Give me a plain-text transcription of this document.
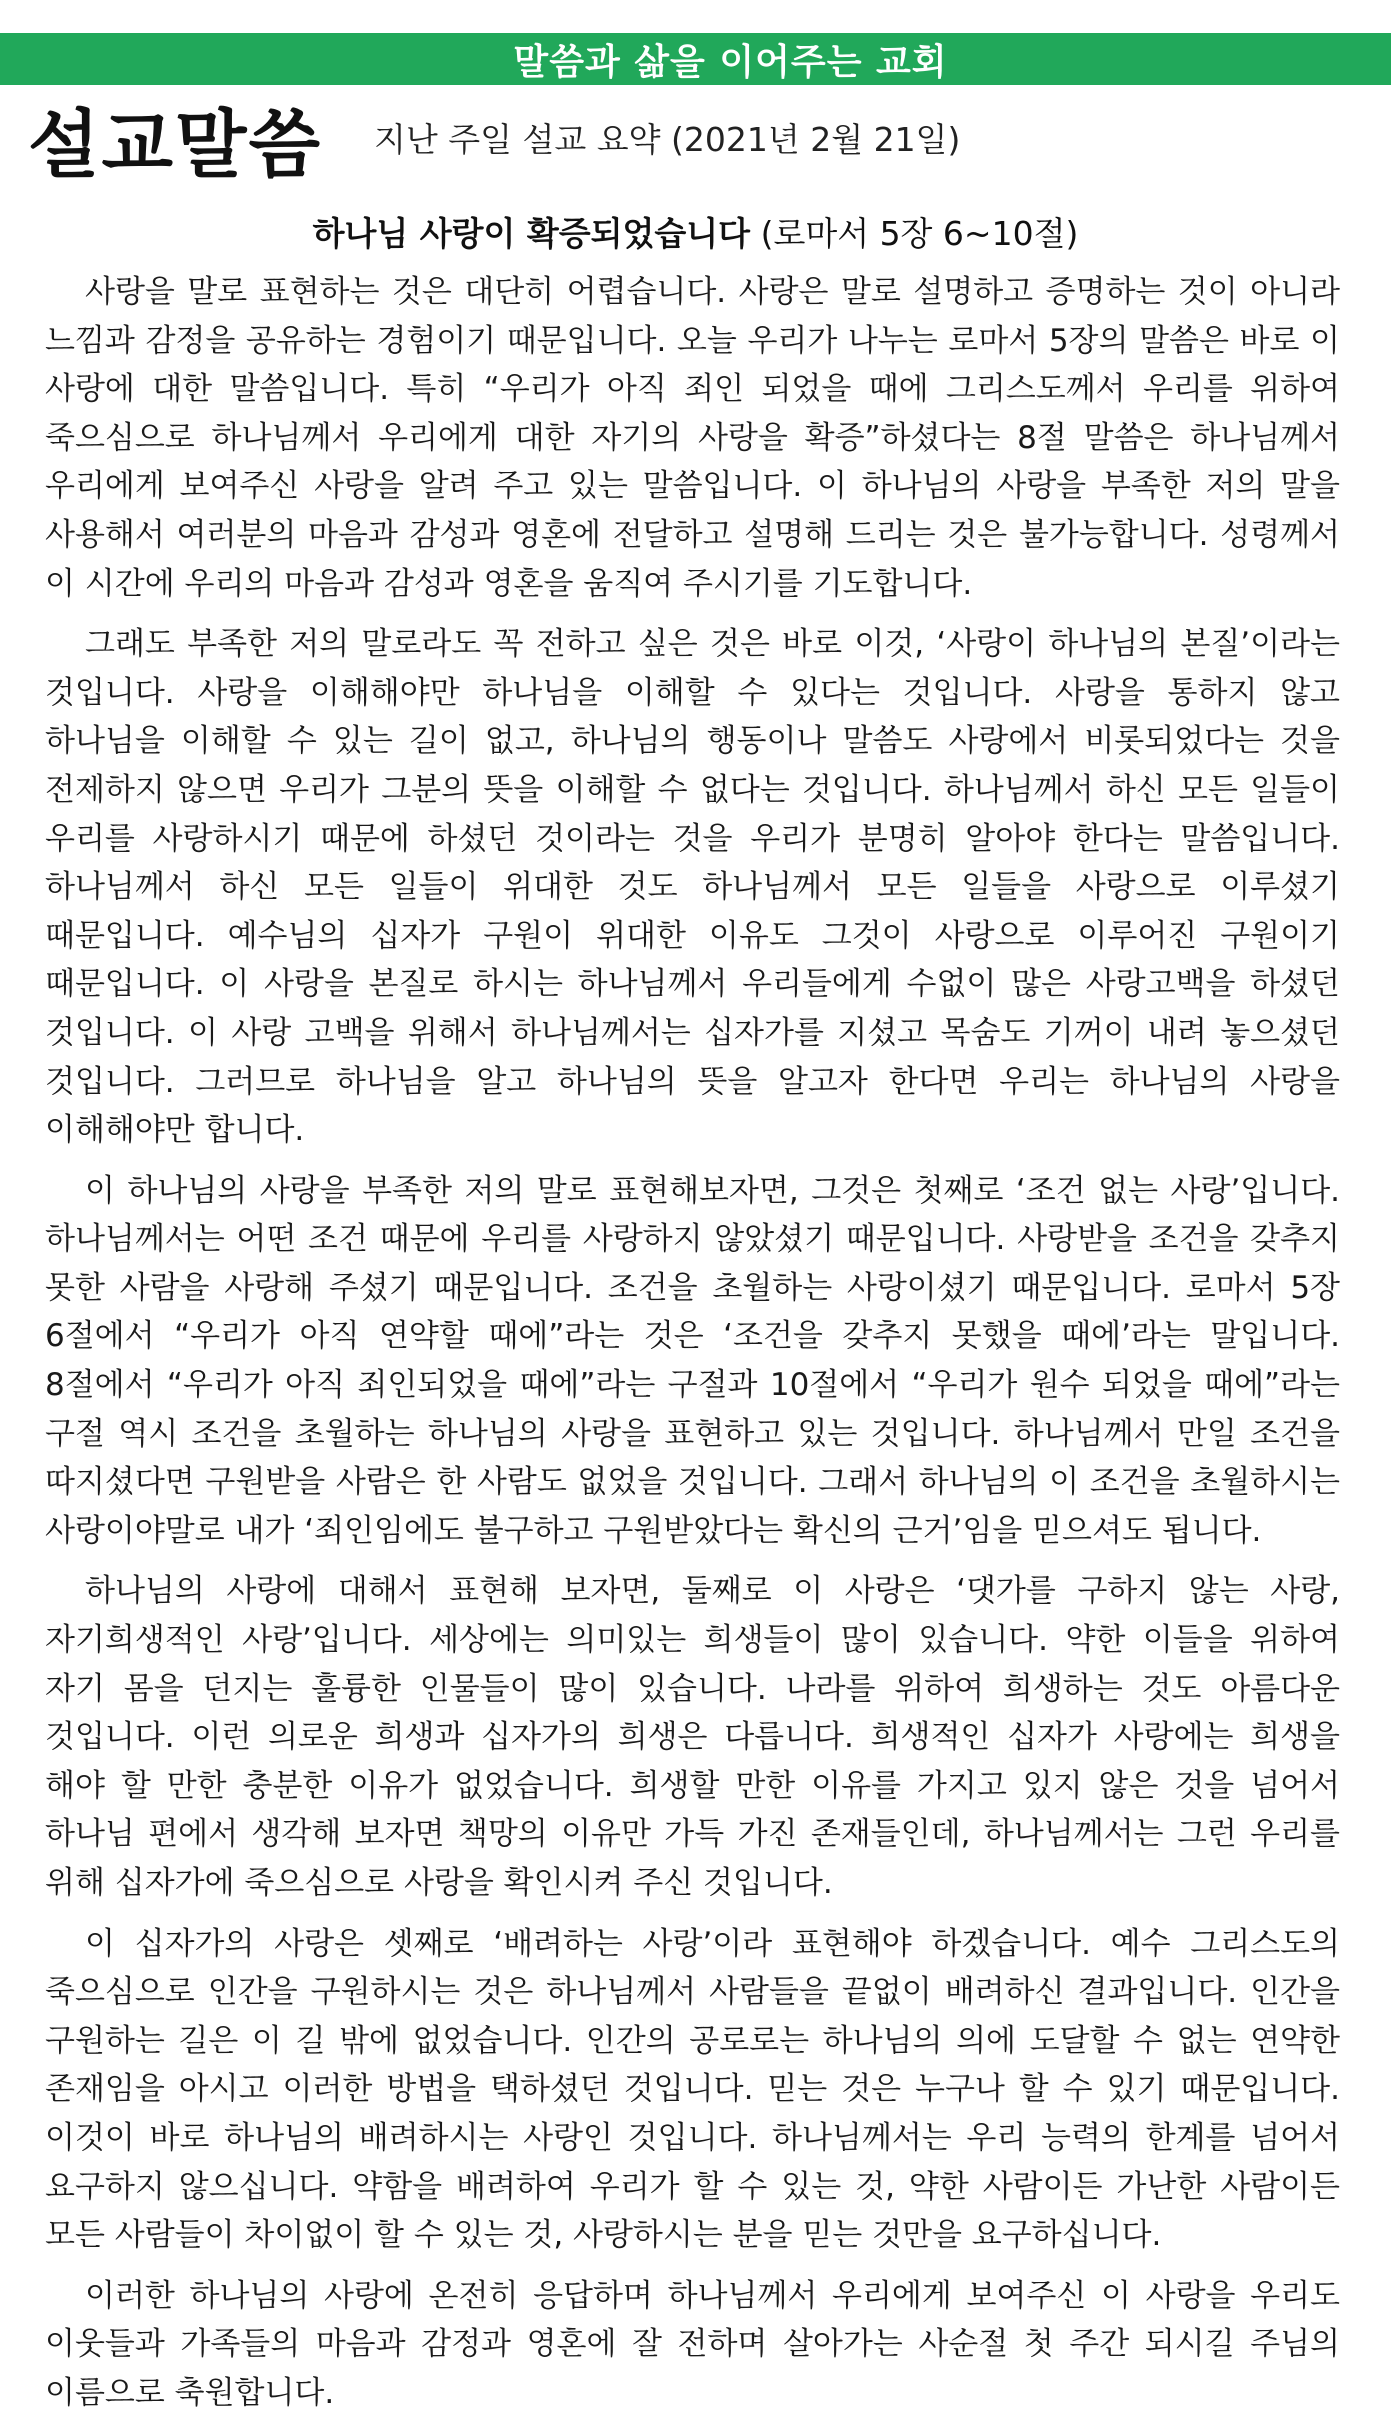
말씀과 삶을 이어주는 교회
설교말씀 지난 주일 설교 요약 (2021년 2월 21일)
하나님 사랑이 확증되었습니다 (로마서 5장 6~10절)

사랑을 말로 표현하는 것은 대단히 어렵습니다. 사랑은 말로 설명하고 증명하는 것이 아니라 느낌과 감정을 공유하는 경험이기 때문입니다. 오늘 우리가 나누는 로마서 5장의 말씀은 바로 이 사랑에 대한 말씀입니다. 특히 “우리가 아직 죄인 되었을 때에 그리스도께서 우리를 위하여 죽으심으로 하나님께서 우리에게 대한 자기의 사랑을 확증”하셨다는 8절 말씀은 하나님께서 우리에게 보여주신 사랑을 알려 주고 있는 말씀입니다. 이 하나님의 사랑을 부족한 저의 말을 사용해서 여러분의 마음과 감성과 영혼에 전달하고 설명해 드리는 것은 불가능합니다. 성령께서 이 시간에 우리의 마음과 감성과 영혼을 움직여 주시기를 기도합니다.

그래도 부족한 저의 말로라도 꼭 전하고 싶은 것은 바로 이것, ‘사랑이 하나님의 본질’이라는 것입니다. 사랑을 이해해야만 하나님을 이해할 수 있다는 것입니다. 사랑을 통하지 않고 하나님을 이해할 수 있는 길이 없고, 하나님의 행동이나 말씀도 사랑에서 비롯되었다는 것을 전제하지 않으면 우리가 그분의 뜻을 이해할 수 없다는 것입니다. 하나님께서 하신 모든 일들이 우리를 사랑하시기 때문에 하셨던 것이라는 것을 우리가 분명히 알아야 한다는 말씀입니다. 하나님께서 하신 모든 일들이 위대한 것도 하나님께서 모든 일들을 사랑으로 이루셨기 때문입니다. 예수님의 십자가 구원이 위대한 이유도 그것이 사랑으로 이루어진 구원이기 때문입니다. 이 사랑을 본질로 하시는 하나님께서 우리들에게 수없이 많은 사랑고백을 하셨던 것입니다. 이 사랑 고백을 위해서 하나님께서는 십자가를 지셨고 목숨도 기꺼이 내려 놓으셨던 것입니다. 그러므로 하나님을 알고 하나님의 뜻을 알고자 한다면 우리는 하나님의 사랑을 이해해야만 합니다.

이 하나님의 사랑을 부족한 저의 말로 표현해보자면, 그것은 첫째로 ‘조건 없는 사랑’입니다. 하나님께서는 어떤 조건 때문에 우리를 사랑하지 않았셨기 때문입니다. 사랑받을 조건을 갖추지 못한 사람을 사랑해 주셨기 때문입니다. 조건을 초월하는 사랑이셨기 때문입니다. 로마서 5장 6절에서 “우리가 아직 연약할 때에”라는 것은 ‘조건을 갖추지 못했을 때에’라는 말입니다. 8절에서 “우리가 아직 죄인되었을 때에”라는 구절과 10절에서 “우리가 원수 되었을 때에”라는 구절 역시 조건을 초월하는 하나님의 사랑을 표현하고 있는 것입니다. 하나님께서 만일 조건을 따지셨다면 구원받을 사람은 한 사람도 없었을 것입니다. 그래서 하나님의 이 조건을 초월하시는 사랑이야말로 내가 ‘죄인임에도 불구하고 구원받았다는 확신의 근거’임을 믿으셔도 됩니다.

하나님의 사랑에 대해서 표현해 보자면, 둘째로 이 사랑은 ‘댓가를 구하지 않는 사랑, 자기희생적인 사랑’입니다. 세상에는 의미있는 희생들이 많이 있습니다. 약한 이들을 위하여 자기 몸을 던지는 훌륭한 인물들이 많이 있습니다. 나라를 위하여 희생하는 것도 아름다운 것입니다. 이런 의로운 희생과 십자가의 희생은 다릅니다. 희생적인 십자가 사랑에는 희생을 해야 할 만한 충분한 이유가 없었습니다. 희생할 만한 이유를 가지고 있지 않은 것을 넘어서 하나님 편에서 생각해 보자면 책망의 이유만 가득 가진 존재들인데, 하나님께서는 그런 우리를 위해 십자가에 죽으심으로 사랑을 확인시켜 주신 것입니다.

이 십자가의 사랑은 셋째로 ‘배려하는 사랑’이라 표현해야 하겠습니다. 예수 그리스도의 죽으심으로 인간을 구원하시는 것은 하나님께서 사람들을 끝없이 배려하신 결과입니다. 인간을 구원하는 길은 이 길 밖에 없었습니다. 인간의 공로로는 하나님의 의에 도달할 수 없는 연약한 존재임을 아시고 이러한 방법을 택하셨던 것입니다. 믿는 것은 누구나 할 수 있기 때문입니다. 이것이 바로 하나님의 배려하시는 사랑인 것입니다. 하나님께서는 우리 능력의 한계를 넘어서 요구하지 않으십니다. 약함을 배려하여 우리가 할 수 있는 것, 약한 사람이든 가난한 사람이든 모든 사람들이 차이없이 할 수 있는 것, 사랑하시는 분을 믿는 것만을 요구하십니다.

이러한 하나님의 사랑에 온전히 응답하며 하나님께서 우리에게 보여주신 이 사랑을 우리도 이웃들과 가족들의 마음과 감정과 영혼에 잘 전하며 살아가는 사순절 첫 주간 되시길 주님의 이름으로 축원합니다.
